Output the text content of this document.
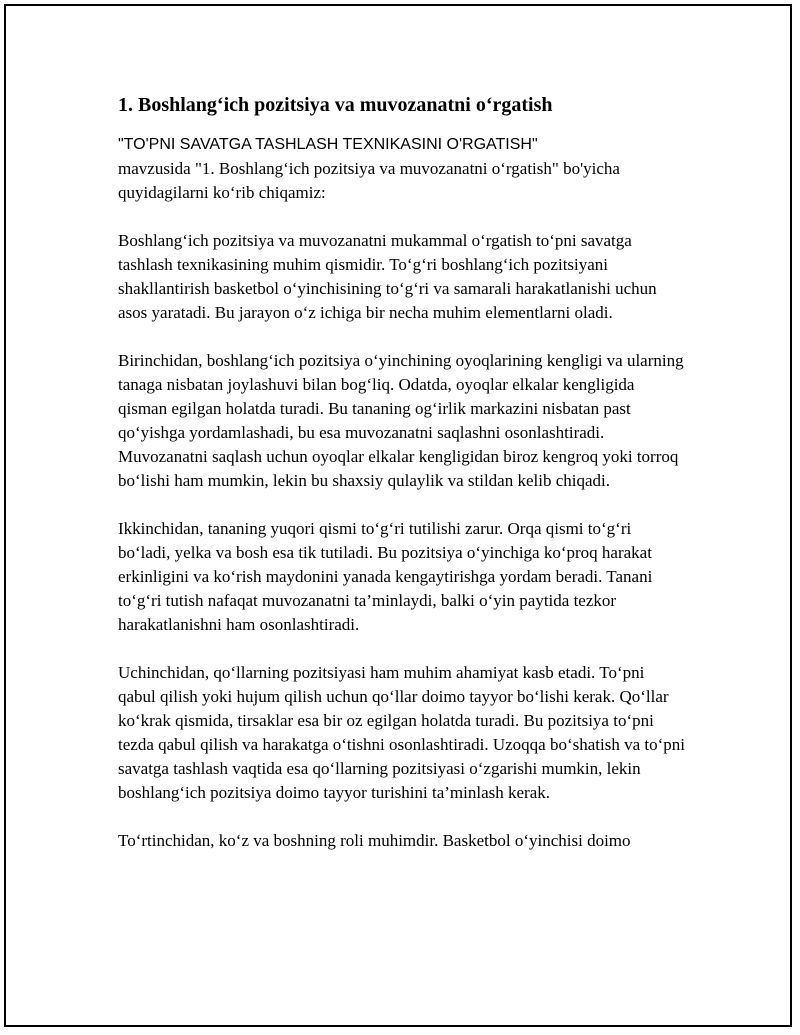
1. Boshlang‘ich pozitsiya va muvozanatni o‘rgatish

"TO'PNI SAVATGA TASHLASH TEXNIKASINI O'RGATISH"
mavzusida "1. Boshlang‘ich pozitsiya va muvozanatni o‘rgatish" bo'yicha quyidagilarni ko‘rib chiqamiz:

Boshlang‘ich pozitsiya va muvozanatni mukammal o‘rgatish to‘pni savatga tashlash texnikasining muhim qismidir. To‘g‘ri boshlang‘ich pozitsiyani shakllantirish basketbol o‘yinchisining to‘g‘ri va samarali harakatlanishi uchun asos yaratadi. Bu jarayon o‘z ichiga bir necha muhim elementlarni oladi.

Birinchidan, boshlang‘ich pozitsiya o‘yinchining oyoqlarining kengligi va ularning tanaga nisbatan joylashuvi bilan bog‘liq. Odatda, oyoqlar elkalar kengligida qisman egilgan holatda turadi. Bu tananing og‘irlik markazini nisbatan past qo‘yishga yordamlashadi, bu esa muvozanatni saqlashni osonlashtiradi. Muvozanatni saqlash uchun oyoqlar elkalar kengligidan biroz kengroq yoki torroq bo‘lishi ham mumkin, lekin bu shaxsiy qulaylik va stildan kelib chiqadi.

Ikkinchidan, tananing yuqori qismi to‘g‘ri tutilishi zarur. Orqa qismi to‘g‘ri bo‘ladi, yelka va bosh esa tik tutiladi. Bu pozitsiya o‘yinchiga ko‘proq harakat erkinligini va ko‘rish maydonini yanada kengaytirishga yordam beradi. Tanani to‘g‘ri tutish nafaqat muvozanatni ta’minlaydi, balki o‘yin paytida tezkor harakatlanishni ham osonlashtiradi.

Uchinchidan, qo‘llarning pozitsiyasi ham muhim ahamiyat kasb etadi. To‘pni qabul qilish yoki hujum qilish uchun qo‘llar doimo tayyor bo‘lishi kerak. Qo‘llar ko‘krak qismida, tirsaklar esa bir oz egilgan holatda turadi. Bu pozitsiya to‘pni tezda qabul qilish va harakatga o‘tishni osonlashtiradi. Uzoqqa bo‘shatish va to‘pni savatga tashlash vaqtida esa qo‘llarning pozitsiyasi o‘zgarishi mumkin, lekin boshlang‘ich pozitsiya doimo tayyor turishini ta’minlash kerak.

To‘rtinchidan, ko‘z va boshning roli muhimdir. Basketbol o‘yinchisi doimo
